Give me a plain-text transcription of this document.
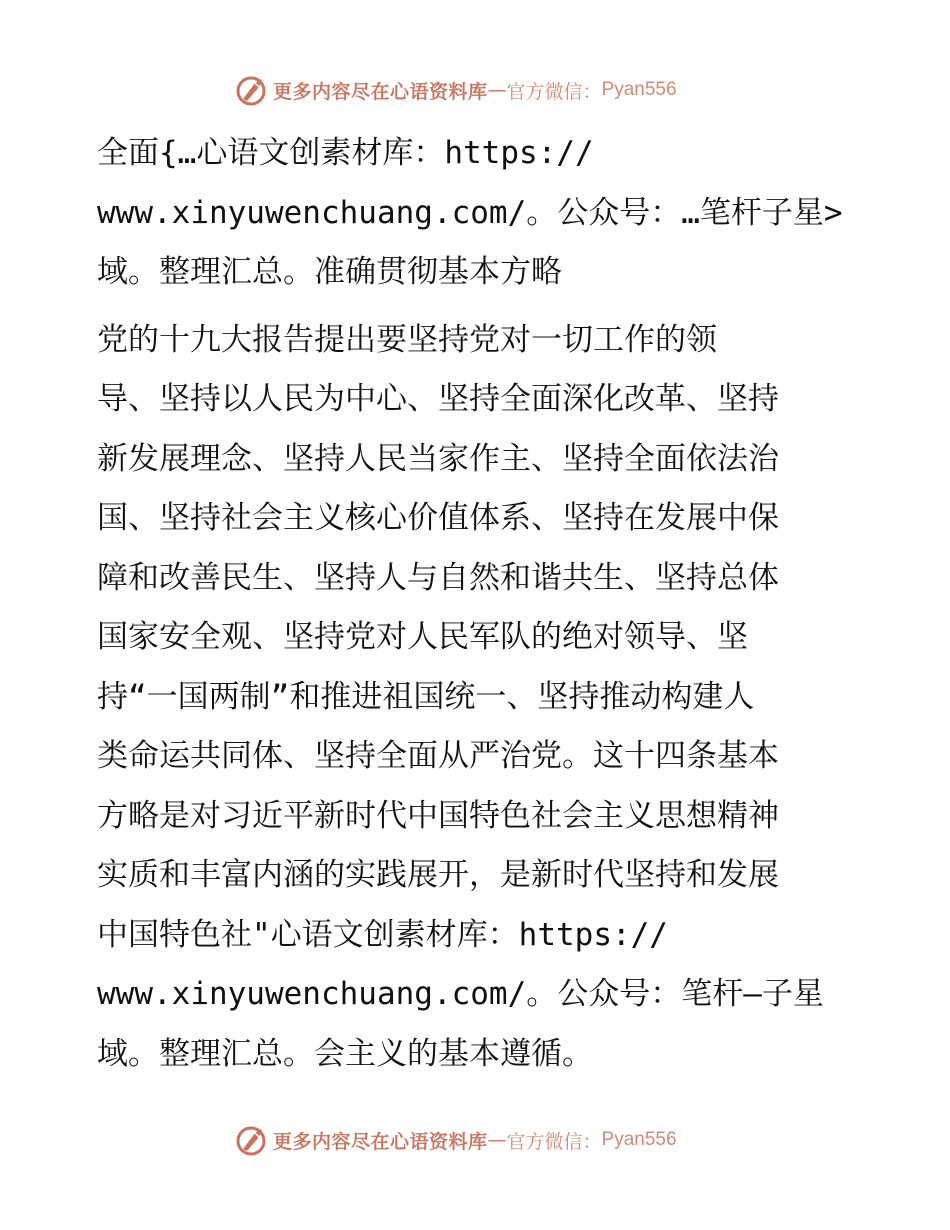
更多内容尽在心语资料库 — 官方微信： Pyan556
全面{…心语文创素材库：https://
www.xinyuwenchuang.com/。公众号：…笔杆子星>
域。整理汇总。准确贯彻基本方略
党的十九大报告提出要坚持党对一切工作的领
导、坚持以人民为中心、坚持全面深化改革、坚持
新发展理念、坚持人民当家作主、坚持全面依法治
国、坚持社会主义核心价值体系、坚持在发展中保
障和改善民生、坚持人与自然和谐共生、坚持总体
国家安全观、坚持党对人民军队的绝对领导、坚
持“一国两制”和推进祖国统一、坚持推动构建人
类命运共同体、坚持全面从严治党。这十四条基本
方略是对习近平新时代中国特色社会主义思想精神
实质和丰富内涵的实践展开，是新时代坚持和发展
中国特色社"心语文创素材库：https://
www.xinyuwenchuang.com/。公众号：笔杆—子星
域。整理汇总。会主义的基本遵循。
更多内容尽在心语资料库 — 官方微信： Pyan556
